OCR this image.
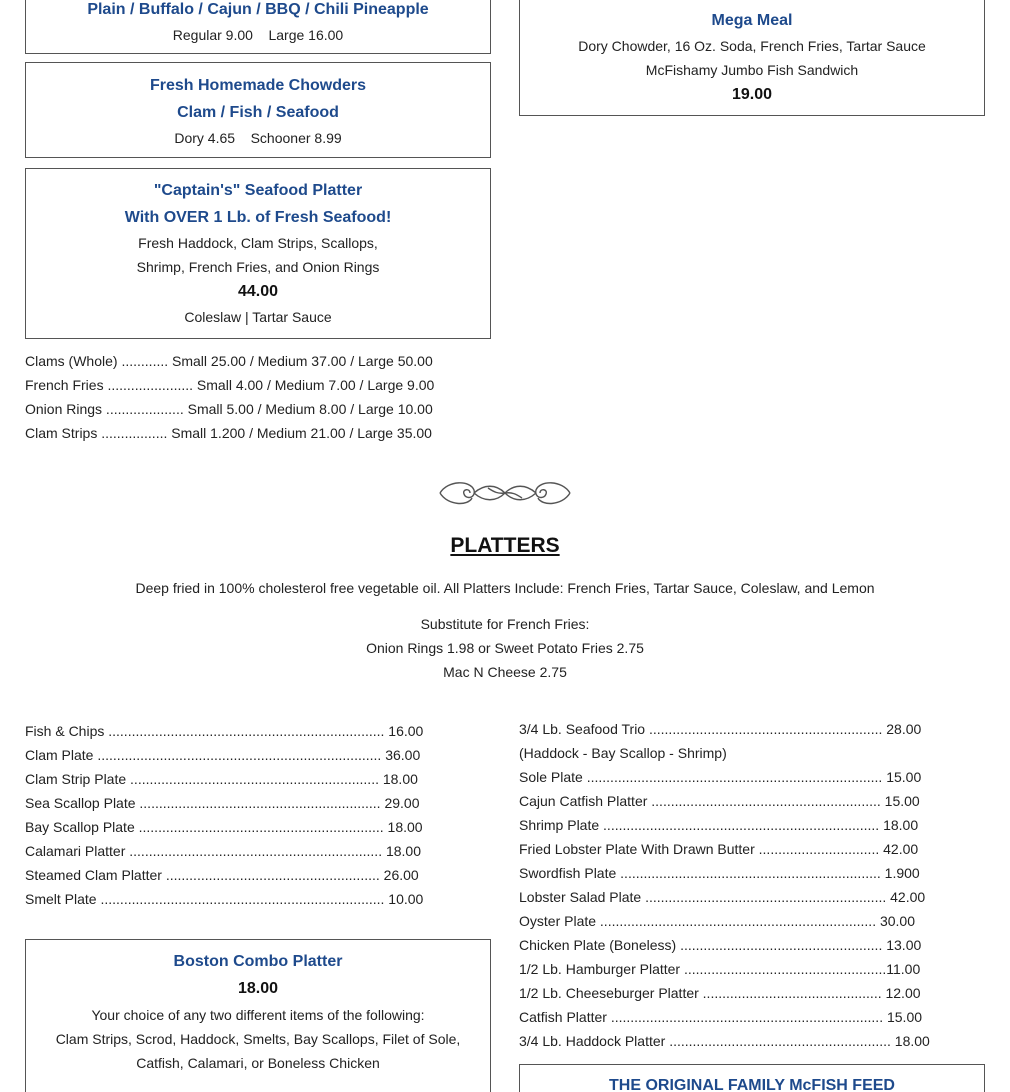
Plain / Buffalo / Cajun / BBQ / Chili Pineapple
Regular 9.00    Large 16.00
Mega Meal
Dory Chowder, 16 Oz. Soda, French Fries, Tartar Sauce
McFishamy Jumbo Fish Sandwich
19.00
Fresh Homemade Chowders
Clam / Fish / Seafood
Dory 4.65    Schooner 8.99
"Captain's" Seafood Platter
With OVER 1 Lb. of Fresh Seafood!
Fresh Haddock, Clam Strips, Scallops,
Shrimp, French Fries, and Onion Rings
44.00
Coleslaw | Tartar Sauce
Clams (Whole) ............ Small 25.00 / Medium 37.00 / Large 50.00
French Fries ...................... Small 4.00 / Medium 7.00 / Large 9.00
Onion Rings .................... Small 5.00 / Medium 8.00 / Large 10.00
Clam Strips ................. Small 1.200 / Medium 21.00 / Large 35.00
PLATTERS
Deep fried in 100% cholesterol free vegetable oil. All Platters Include: French Fries, Tartar Sauce, Coleslaw, and Lemon
Substitute for French Fries:
Onion Rings 1.98 or Sweet Potato Fries 2.75
Mac N Cheese 2.75
Fish & Chips ....................................................................... 16.00
Clam Plate ......................................................................... 36.00
Clam Strip Plate ................................................................ 18.00
Sea Scallop Plate .............................................................. 29.00
Bay Scallop Plate ............................................................... 18.00
Calamari Platter ................................................................. 18.00
Steamed Clam Platter ....................................................... 26.00
Smelt Plate ......................................................................... 10.00
3/4 Lb. Seafood Trio ............................................................ 28.00
(Haddock - Bay Scallop - Shrimp)
Sole Plate ............................................................................ 15.00
Cajun Catfish Platter ........................................................... 15.00
Shrimp Plate ....................................................................... 18.00
Fried Lobster Plate With Drawn Butter ............................... 42.00
Swordfish Plate ................................................................... 1.900
Lobster Salad Plate .............................................................. 42.00
Oyster Plate ....................................................................... 30.00
Chicken Plate (Boneless) .................................................... 13.00
1/2 Lb. Hamburger Platter ....................................................11.00
1/2 Lb. Cheeseburger Platter .............................................. 12.00
Catfish Platter ...................................................................... 15.00
3/4 Lb. Haddock Platter ......................................................... 18.00
Boston Combo Platter
18.00
Your choice of any two different items of the following:
Clam Strips, Scrod, Haddock, Smelts, Bay Scallops, Filet of Sole,
Catfish, Calamari, or Boneless Chicken
THE ORIGINAL FAMILY McFISH FEED
